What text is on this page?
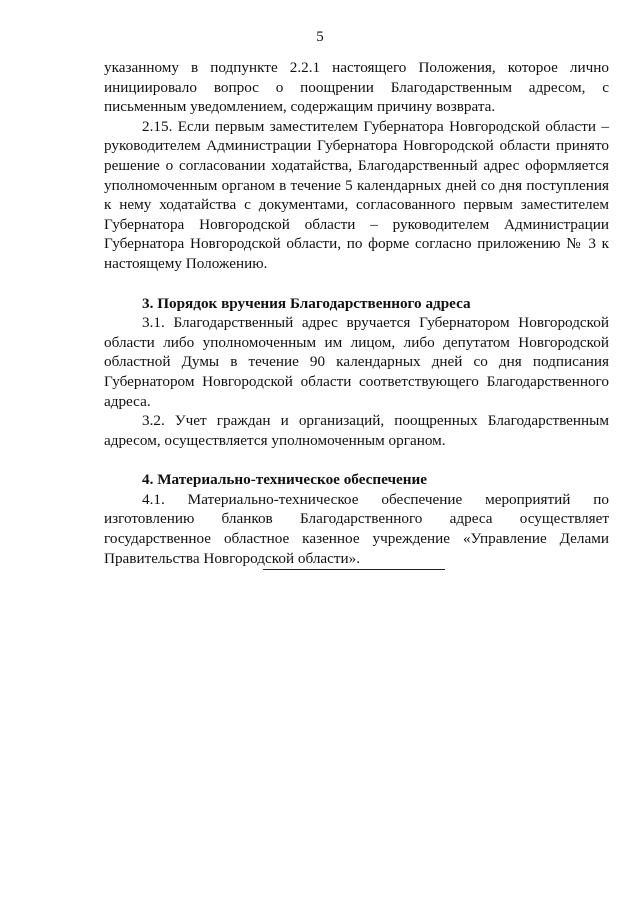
5

указанному в подпункте 2.2.1 настоящего Положения, которое лично инициировало вопрос о поощрении Благодарственным адресом, с письменным уведомлением, содержащим причину возврата.

2.15. Если первым заместителем Губернатора Новгородской области – руководителем Администрации Губернатора Новгородской области принято решение о согласовании ходатайства, Благодарственный адрес оформляется уполномоченным органом в течение 5 календарных дней со дня поступления к нему ходатайства с документами, согласованного первым заместителем Губернатора Новгородской области – руководителем Администрации Губернатора Новгородской области, по форме согласно приложению № 3 к настоящему Положению.

3. Порядок вручения Благодарственного адреса

3.1. Благодарственный адрес вручается Губернатором Новгородской области либо уполномоченным им лицом, либо депутатом Новгородской областной Думы в течение 90 календарных дней со дня подписания Губернатором Новгородской области соответствующего Благодарственного адреса.

3.2. Учет граждан и организаций, поощренных Благодарственным адресом, осуществляется уполномоченным органом.

4. Материально-техническое обеспечение

4.1. Материально-техническое обеспечение мероприятий по изготовлению бланков Благодарственного адреса осуществляет государственное областное казенное учреждение «Управление Делами Правительства Новгородской области».
